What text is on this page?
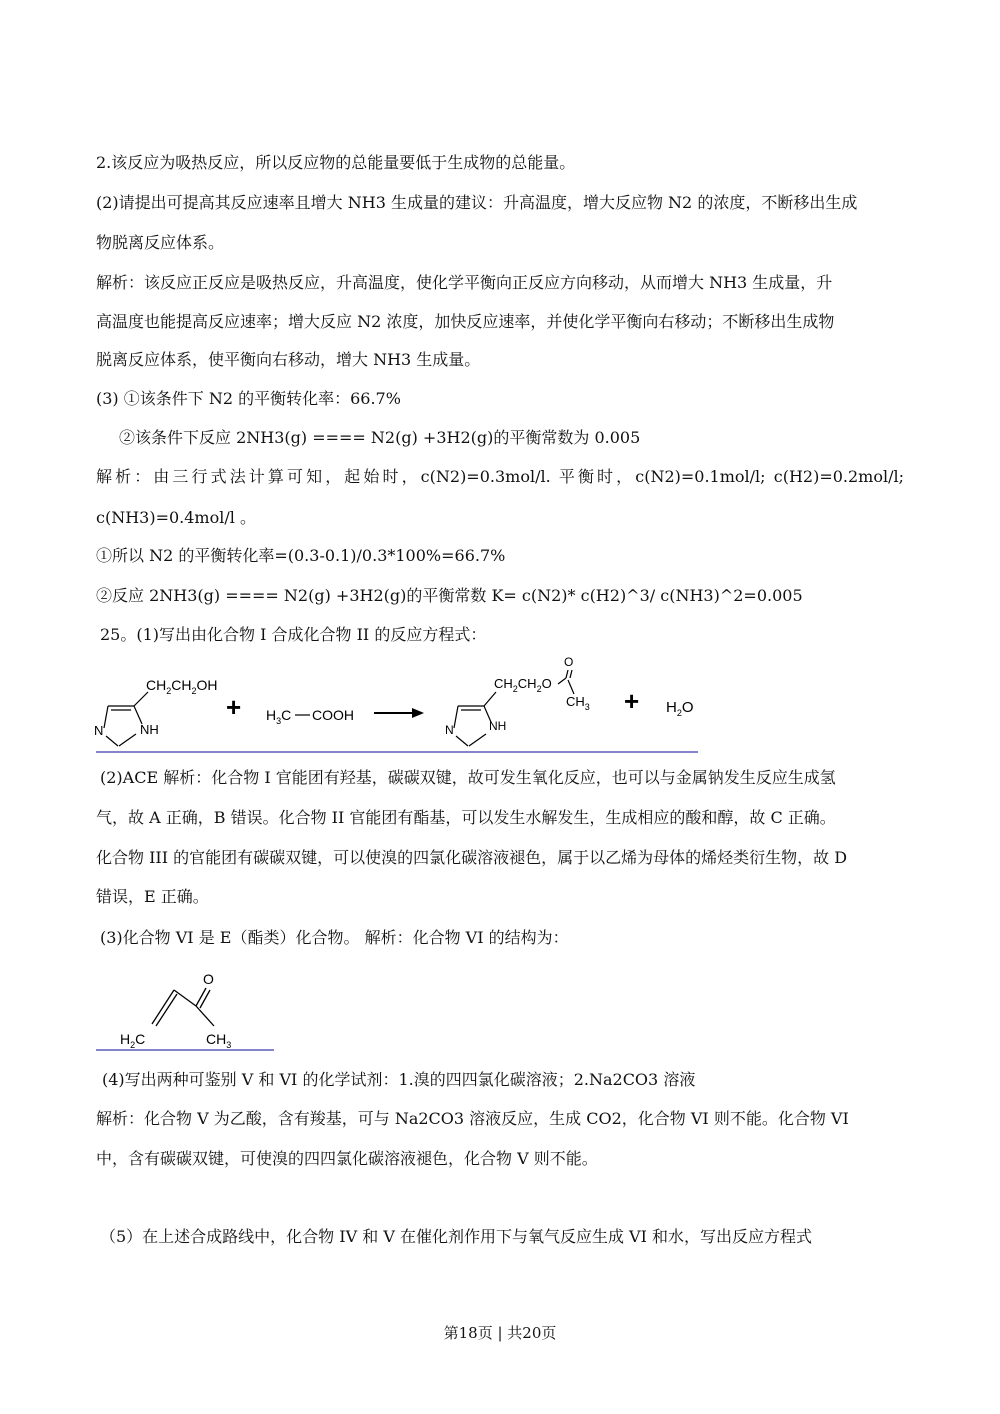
2.该反应为吸热反应，所以反应物的总能量要低于生成物的总能量。
(2)请提出可提高其反应速率且增大 NH3 生成量的建议：升高温度，增大反应物 N2 的浓度，不断移出生成
物脱离反应体系。
解析：该反应正反应是吸热反应，升高温度，使化学平衡向正反应方向移动，从而增大 NH3 生成量，升
高温度也能提高反应速率；增大反应 N2 浓度，加快反应速率，并使化学平衡向右移动；不断移出生成物
脱离反应体系，使平衡向右移动，增大 NH3 生成量。
(3) ①该条件下 N2 的平衡转化率：66.7%
②该条件下反应 2NH3(g) ==== N2(g) +3H2(g)的平衡常数为 0.005
解析：由三行式法计算可知，起始时，c(N2)=0.3mol/l. 平衡时，c(N2)=0.1mol/l; c(H2)=0.2mol/l;
c(NH3)=0.4mol/l 。
①所以 N2 的平衡转化率=(0.3-0.1)/0.3*100%=66.7%
②反应 2NH3(g) ==== N2(g) +3H2(g)的平衡常数 K= c(N2)* c(H2)^3/ c(NH3)^2=0.005
25。(1)写出由化合物 I 合成化合物 II 的反应方程式：
N	NH
$CH_2CH_2OH$
+ $H_3C$ COOH
N	NH
$CH_2CH_2O$
O
$CH_3 + H_2O$
(2)ACE 解析：化合物 I 官能团有羟基，碳碳双键，故可发生氧化反应，也可以与金属钠发生反应生成氢
气，故 A 正确，B 错误。化合物 II 官能团有酯基，可以发生水解发生，生成相应的酸和醇，故 C 正确。
化合物 III 的官能团有碳碳双键，可以使溴的四氯化碳溶液褪色，属于以乙烯为母体的烯烃类衍生物，故 D
错误，E 正确。
(3)化合物 VI 是 E（酯类）化合物。 解析：化合物 VI 的结构为：
O
$H_2C$	$CH_3$
(4)写出两种可鉴别 V 和 VI 的化学试剂：1.溴的四四氯化碳溶液；2.Na2CO3 溶液
解析：化合物 V 为乙酸，含有羧基，可与 Na2CO3 溶液反应，生成 CO2，化合物 VI 则不能。化合物 VI
中，含有碳碳双键，可使溴的四四氯化碳溶液褪色，化合物 V 则不能。
（5）在上述合成路线中，化合物 IV 和 V 在催化剂作用下与氧气反应生成 VI 和水，写出反应方程式
第18页 | 共20页
